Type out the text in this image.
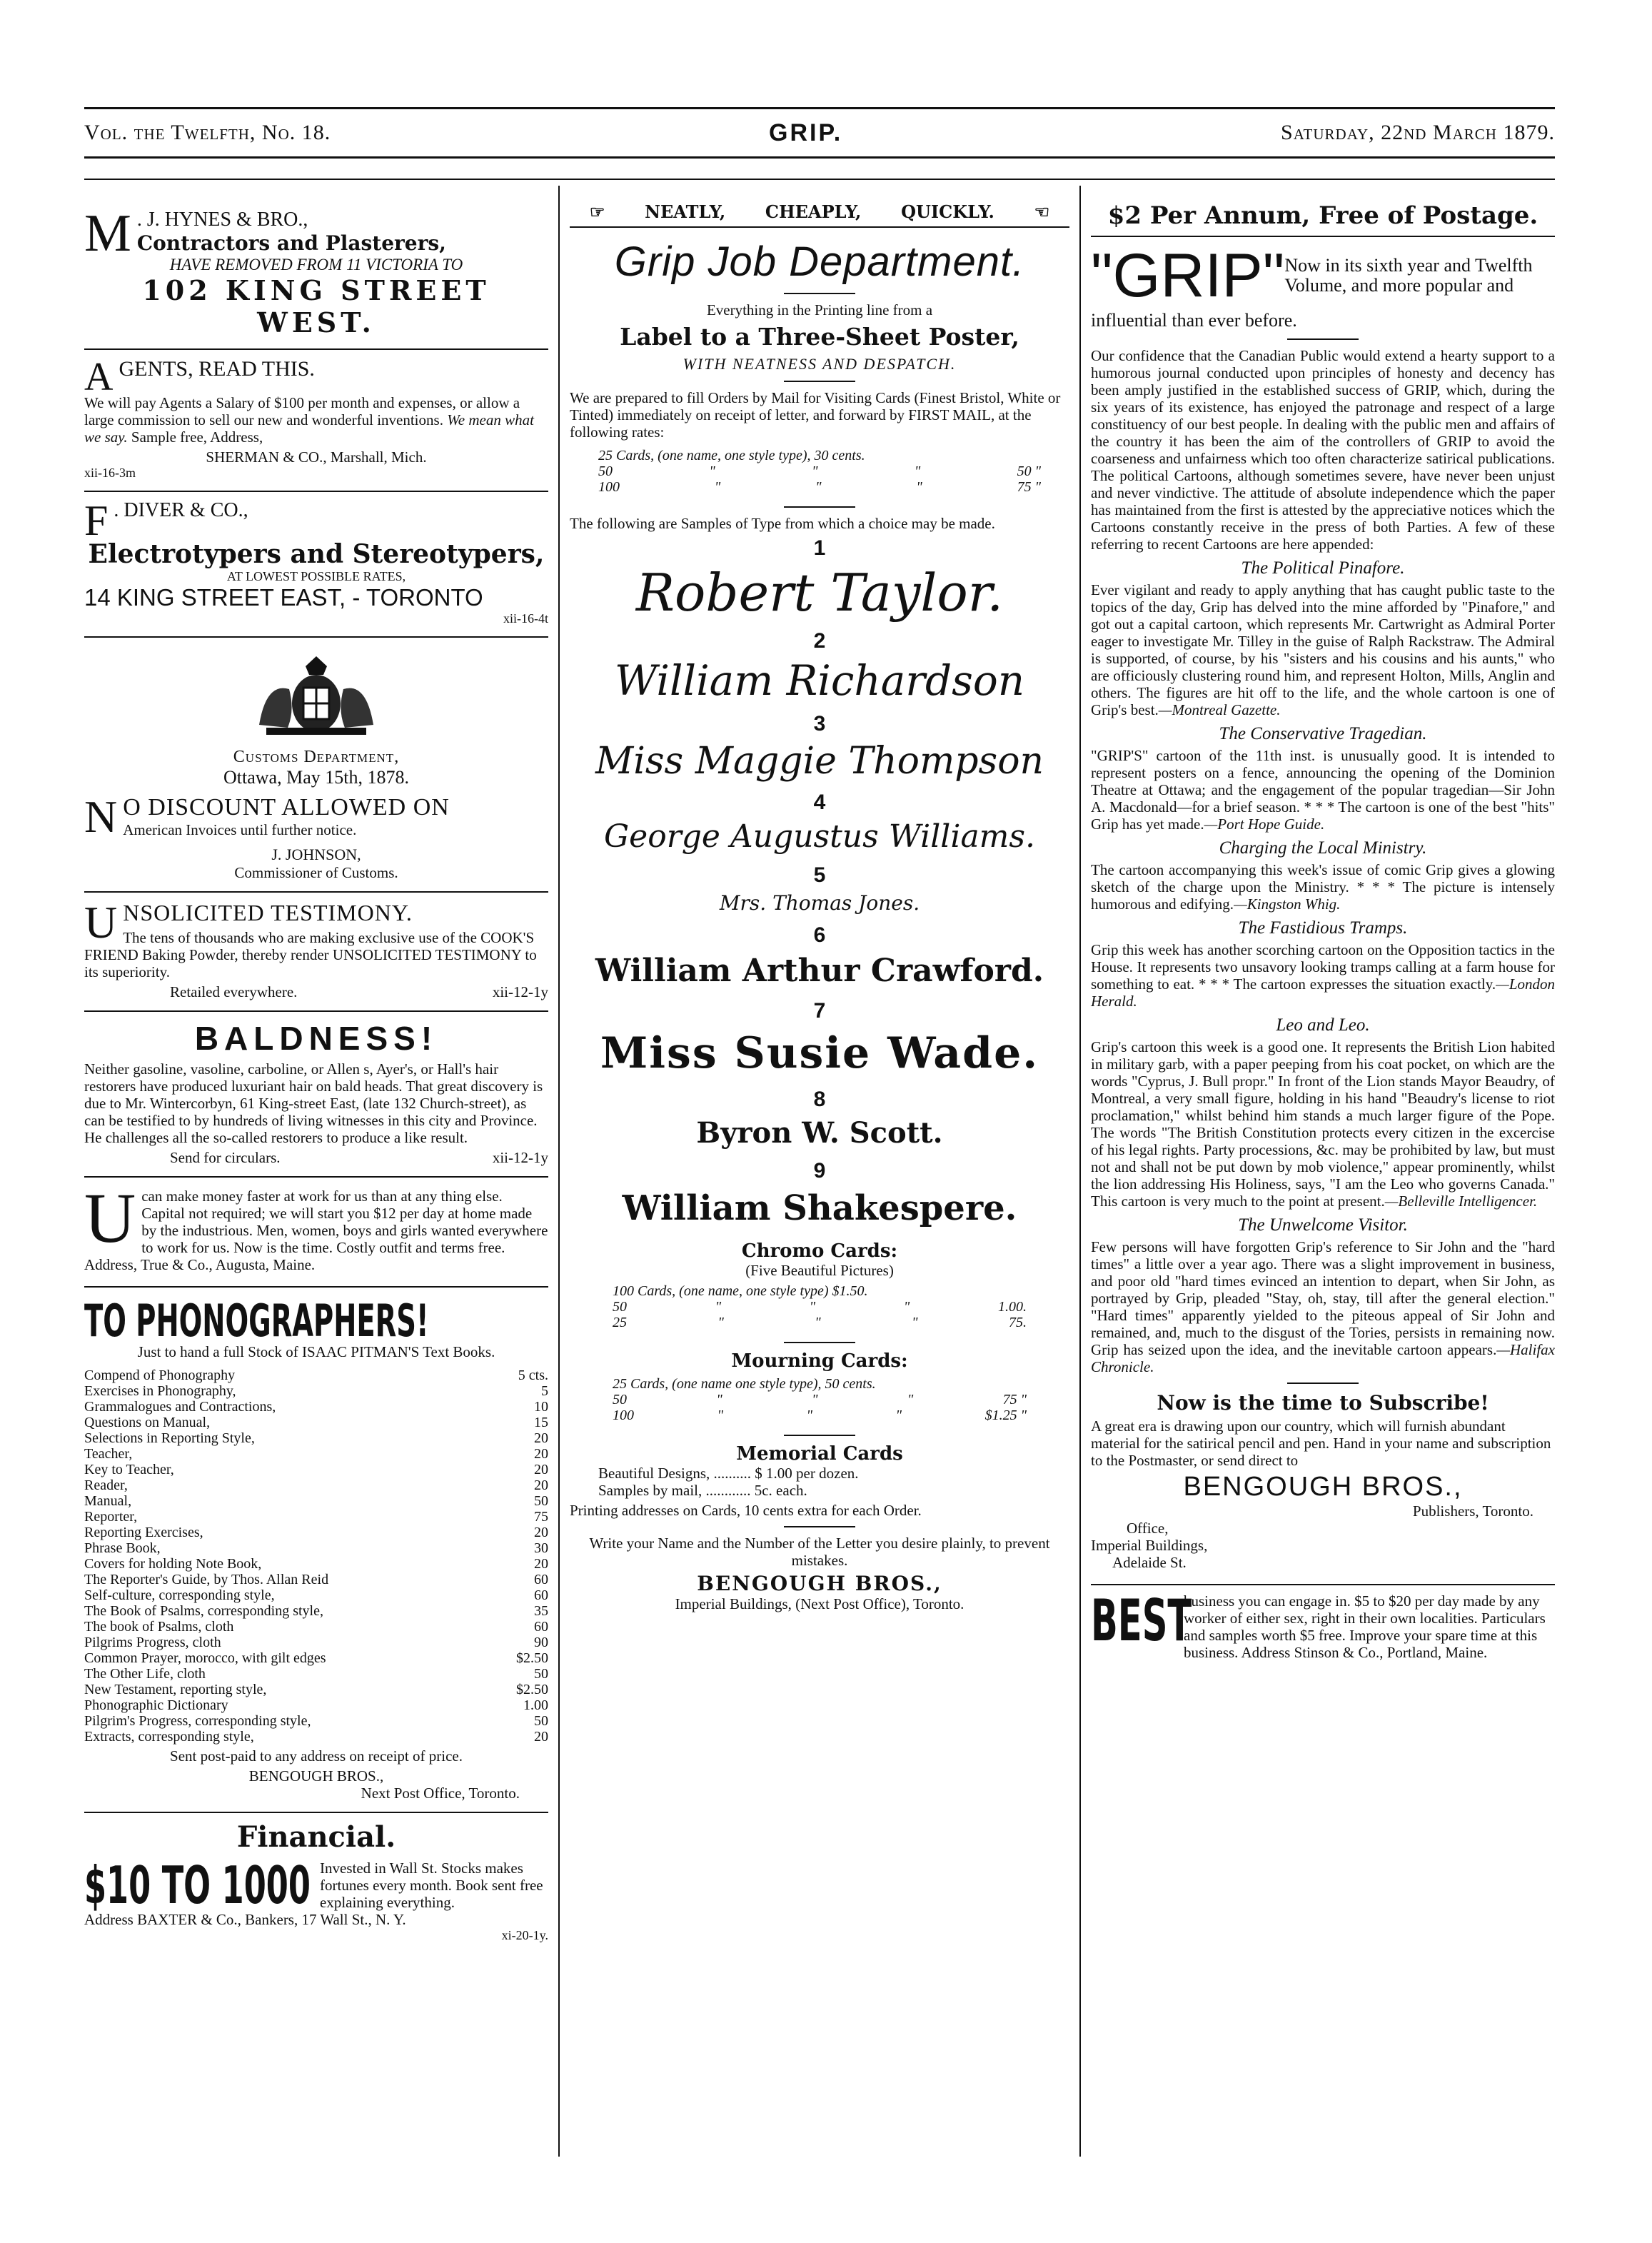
Vol. the Twelfth, No. 18.	GRIP.	Saturday, 22nd March 1879.
M . J. HYNES & BRO.,
Contractors and Plasterers,
HAVE REMOVED FROM 11 VICTORIA TO
102 KING STREET WEST.
A GENTS, READ THIS.

We will pay Agents a Salary of $100 per month and expenses, or allow a large commission to sell our new and wonderful inventions. We mean what we say. Sample free, Address,

SHERMAN & CO., Marshall, Mich.
xii-16-3m
F . DIVER & CO.,
Electrotypers and Stereotypers,
AT LOWEST POSSIBLE RATES,
14 KING STREET EAST, - TORONTO
xii-16-4t
Customs Department,
Ottawa, May 15th, 1878.
N O DISCOUNT ALLOWED ON
American Invoices until further notice.
J. JOHNSON,
Commissioner of Customs.
U NSOLICITED TESTIMONY.

The tens of thousands who are making exclusive use of the COOK'S FRIEND Baking Powder, thereby render UNSOLICITED TESTIMONY to its superiority.

Retailed everywhere.	xii-12-1y
BALDNESS!

Neither gasoline, vasoline, carboline, or Allen s, Ayer's, or Hall's hair restorers have produced luxuriant hair on bald heads. That great discovery is due to Mr. Wintercorbyn, 61 King-street East, (late 132 Church-street), as can be testified to by hundreds of living witnesses in this city and Province. He challenges all the so-called restorers to produce a like result.

Send for circulars.	xii-12-1y
U can make money faster at work for us than at any thing else. Capital not required; we will start you $12 per day at home made by the industrious. Men, women, boys and girls wanted everywhere to work for us. Now is the time. Costly outfit and terms free. Address, True & Co., Augusta, Maine.

TO PHONOGRAPHERS!

Just to hand a full Stock of ISAAC PITMAN'S Text Books.

Compend of Phonography	5 cts.
Exercises in Phonography,	5
Grammalogues and Contractions,	10
Questions on Manual,	15
Selections in Reporting Style,	20
Teacher,	20
Key to Teacher,	20
Reader,	20
Manual,	50
Reporter,	75
Reporting Exercises,	20
Phrase Book,	30
Covers for holding Note Book,	20
The Reporter's Guide, by Thos. Allan Reid	60
Self-culture, corresponding style,	60
The Book of Psalms, corresponding style,	35
The book of Psalms, cloth	60
Pilgrims Progress, cloth	90
Common Prayer, morocco, with gilt edges	$2.50
The Other Life, cloth	50
New Testament, reporting style,	$2.50
Phonographic Dictionary	1.00
Pilgrim's Progress, corresponding style,	50
Extracts, corresponding style,	20

Sent post-paid to any address on receipt of price.

BENGOUGH BROS.,
Next Post Office, Toronto.
Financial.
$10 TO 1000 Invested in Wall St. Stocks makes fortunes every month. Book sent free explaining everything.

Address BAXTER & Co., Bankers, 17 Wall St., N. Y.
xi-20-1y.
☞ NEATLY, CHEAPLY, QUICKLY. ☜
Grip Job Department.
Everything in the Printing line from a
Label to a Three-Sheet Poster,
WITH NEATNESS AND DESPATCH.

We are prepared to fill Orders by Mail for Visiting Cards (Finest Bristol, White or Tinted) immediately on receipt of letter, and forward by FIRST MAIL, at the following rates:

25 Cards, (one name, one style type), 30 cents.
50	"	"	"	50 "
100	"	"	"	75 "

The following are Samples of Type from which a choice may be made.

1
Robert Taylor.
2
William Richardson
3
Miss Maggie Thompson
4
George Augustus Williams.
5
Mrs. Thomas Jones.
6
William Arthur Crawford.
7
Miss Susie Wade.
8
Byron W. Scott.
9
William Shakespere.
Chromo Cards:
(Five Beautiful Pictures)
100 Cards, (one name, one style type) $1.50.
50	"	"	"	1.00.
25	"	"	"	75.
Mourning Cards:
25 Cards, (one name one style type), 50 cents.
50	"	"	"	75 "
100	"	"	"	$1.25 "
Memorial Cards
Beautiful Designs, .......... $ 1.00 per dozen.
Samples by mail, ............ 5c. each.

Printing addresses on Cards, 10 cents extra for each Order.

Write your Name and the Number of the Letter you desire plainly, to prevent mistakes.

BENGOUGH BROS.,
Imperial Buildings, (Next Post Office), Toronto.
$2 Per Annum, Free of Postage.
"GRIP" Now in its sixth year and Twelfth Volume, and more popular and
influential than ever before.

Our confidence that the Canadian Public would extend a hearty support to a humorous journal conducted upon principles of honesty and decency has been amply justified in the established success of GRIP, which, during the six years of its existence, has enjoyed the patronage and respect of a large constituency of our best people. In dealing with the public men and affairs of the country it has been the aim of the controllers of GRIP to avoid the coarseness and unfairness which too often characterize satirical publications. The political Cartoons, although sometimes severe, have never been unjust and never vindictive. The attitude of absolute independence which the paper has maintained from the first is attested by the appreciative notices which the Cartoons constantly receive in the press of both Parties. A few of these referring to recent Cartoons are here appended:

The Political Pinafore.

Ever vigilant and ready to apply anything that has caught public taste to the topics of the day, Grip has delved into the mine afforded by "Pinafore," and got out a capital cartoon, which represents Mr. Cartwright as Admiral Porter eager to investigate Mr. Tilley in the guise of Ralph Rackstraw. The Admiral is supported, of course, by his "sisters and his cousins and his aunts," who are officiously clustering round him, and represent Holton, Mills, Anglin and others. The figures are hit off to the life, and the whole cartoon is one of Grip's best.—Montreal Gazette.

The Conservative Tragedian.

"GRIP'S" cartoon of the 11th inst. is unusually good. It is intended to represent posters on a fence, announcing the opening of the Dominion Theatre at Ottawa; and the engagement of the popular tragedian—Sir John A. Macdonald—for a brief season. * * * The cartoon is one of the best "hits" Grip has yet made.—Port Hope Guide.

Charging the Local Ministry.

The cartoon accompanying this week's issue of comic Grip gives a glowing sketch of the charge upon the Ministry. * * * The picture is intensely humorous and edifying.—Kingston Whig.

The Fastidious Tramps.

Grip this week has another scorching cartoon on the Opposition tactics in the House. It represents two unsavory looking tramps calling at a farm house for something to eat. * * * The cartoon expresses the situation exactly.—London Herald.

Leo and Leo.

Grip's cartoon this week is a good one. It represents the British Lion habited in military garb, with a paper peeping from his coat pocket, on which are the words "Cyprus, J. Bull propr." In front of the Lion stands Mayor Beaudry, of Montreal, a very small figure, holding in his hand "Beaudry's license to riot proclamation," whilst behind him stands a much larger figure of the Pope. The words "The British Constitution protects every citizen in the excercise of his legal rights. Party processions, &c. may be prohibited by law, but must not and shall not be put down by mob violence," appear prominently, whilst the lion addressing His Holiness, says, "I am the Leo who governs Canada." This cartoon is very much to the point at present.—Belleville Intelligencer.

The Unwelcome Visitor.

Few persons will have forgotten Grip's reference to Sir John and the "hard times" a little over a year ago. There was a slight improvement in business, and poor old "hard times evinced an intention to depart, when Sir John, as portrayed by Grip, pleaded "Stay, oh, stay, till after the general election." "Hard times" apparently yielded to the piteous appeal of Sir John and remained, and, much to the disgust of the Tories, persists in remaining now. Grip has seized upon the idea, and the inevitable cartoon appears.—Halifax Chronicle.

Now is the time to Subscribe!

A great era is drawing upon our country, which will furnish abundant material for the satirical pencil and pen. Hand in your name and subscription to the Postmaster, or send direct to

BENGOUGH BROS.,
Publishers, Toronto.
Office,
Imperial Buildings,
Adelaide St.
BEST

business you can engage in. $5 to $20 per day made by any worker of either sex, right in their own localities. Particulars and samples worth $5 free. Improve your spare time at this business. Address Stinson & Co., Portland, Maine.
